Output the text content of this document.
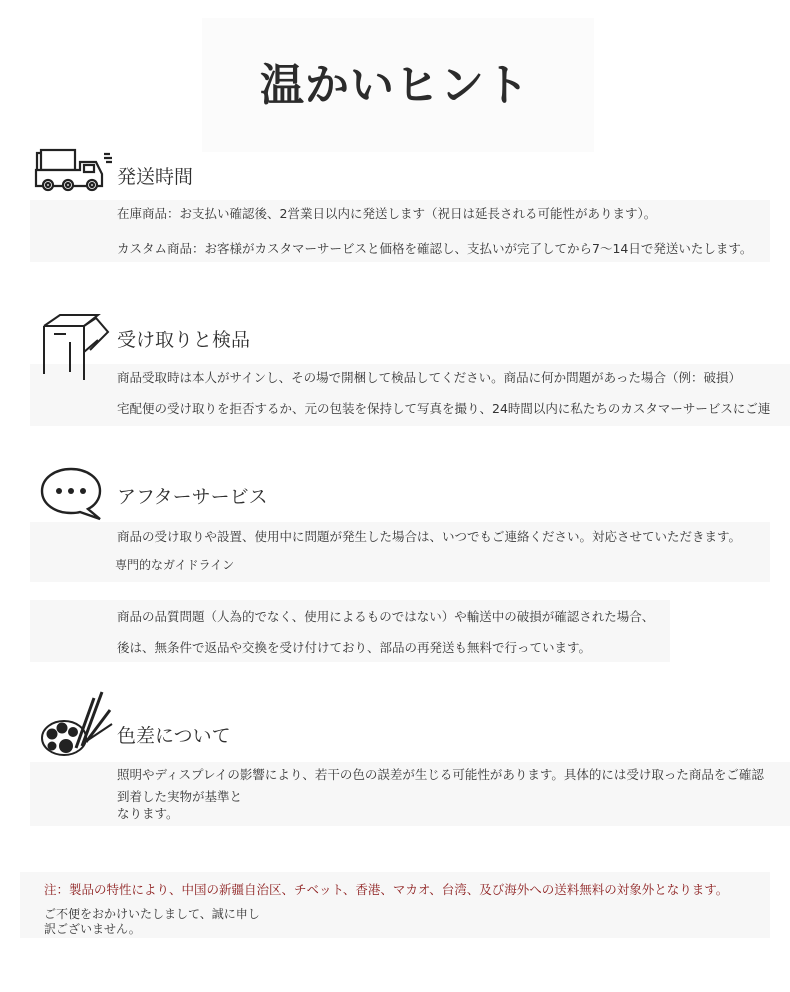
温かいヒント
発送時間
在庫商品：お支払い確認後、2営業日以内に発送します（祝日は延長される可能性があります）。
カスタム商品：お客様がカスタマーサービスと価格を確認し、支払いが完了してから7～14日で発送いたします。
受け取りと検品
商品受取時は本人がサインし、その場で開梱して検品してください。商品に何か問題があった場合（例：破損）
宅配便の受け取りを拒否するか、元の包装を保持して写真を撮り、24時間以内に私たちのカスタマーサービスにご連
アフターサービス
商品の受け取りや設置、使用中に問題が発生した場合は、いつでもご連絡ください。対応させていただきます。
専門的なガイドライン
商品の品質問題（人為的でなく、使用によるものではない）や輸送中の破損が確認された場合、
後は、無条件で返品や交換を受け付けており、部品の再発送も無料で行っています。
色差について
照明やディスプレイの影響により、若干の色の誤差が生じる可能性があります。具体的には受け取った商品をご確認
到着した実物が基準と
なります。
注：製品の特性により、中国の新疆自治区、チベット、香港、マカオ、台湾、及び海外への送料無料の対象外となります。
ご不便をおかけいたしまして、誠に申し
訳ございません。
